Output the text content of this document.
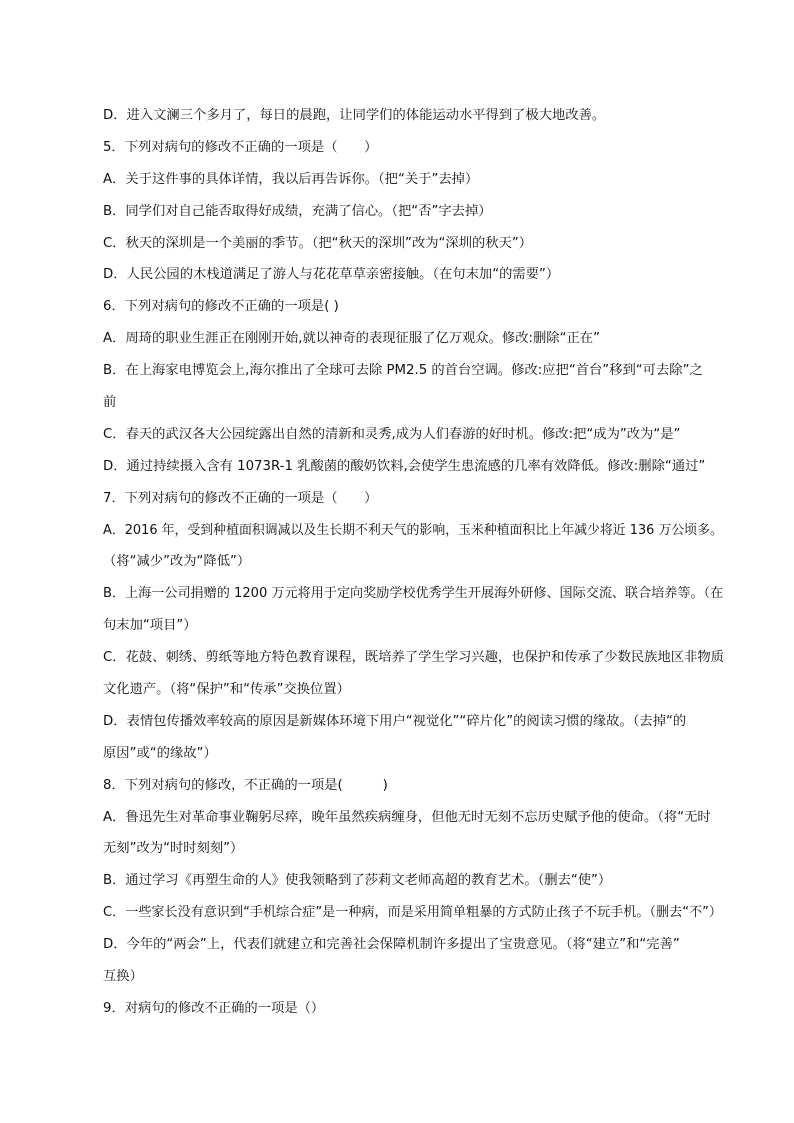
D．进入文澜三个多月了，每日的晨跑，让同学们的体能运动水平得到了极大地改善。
5．下列对病句的修改不正确的一项是（　　）
A．关于这件事的具体详情，我以后再告诉你。（把“关于”去掉）
B．同学们对自己能否取得好成绩，充满了信心。（把“否”字去掉）
C．秋天的深圳是一个美丽的季节。（把“秋天的深圳”改为“深圳的秋天”）
D．人民公园的木栈道满足了游人与花花草草亲密接触。（在句末加“的需要”）
6．下列对病句的修改不正确的一项是( )
A．周琦的职业生涯正在刚刚开始,就以神奇的表现征服了亿万观众。修改:删除“正在”
B．在上海家电博览会上,海尔推出了全球可去除 PM2.5 的首台空调。修改:应把“首台”移到“可去除”之
前
C．春天的武汉各大公园绽露出自然的清新和灵秀,成为人们春游的好时机。修改:把“成为”改为“是”
D．通过持续摄入含有 1073R-1 乳酸菌的酸奶饮料,会使学生患流感的几率有效降低。修改:删除“通过”
7．下列对病句的修改不正确的一项是（　　）
A．2016 年，受到种植面积调减以及生长期不利天气的影响，玉米种植面积比上年减少将近 136 万公顷多。
（将“减少”改为“降低”）
B．上海一公司捐赠的 1200 万元将用于定向奖励学校优秀学生开展海外研修、国际交流、联合培养等。（在
句末加“项目”）
C．花鼓、刺绣、剪纸等地方特色教育课程，既培养了学生学习兴趣，也保护和传承了少数民族地区非物质
文化遗产。（将“保护”和“传承”交换位置）
D．表情包传播效率较高的原因是新媒体环境下用户“视觉化”“碎片化”的阅读习惯的缘故。（去掉“的
原因”或“的缘故”）
8．下列对病句的修改，不正确的一项是(　　　)
A．鲁迅先生对革命事业鞠躬尽瘁，晚年虽然疾病缠身，但他无时无刻不忘历史赋予他的使命。（将“无时
无刻”改为“时时刻刻”）
B．通过学习《再塑生命的人》使我领略到了莎莉文老师高超的教育艺术。（删去“使”）
C．一些家长没有意识到“手机综合症”是一种病，而是采用简单粗暴的方式防止孩子不玩手机。（删去“不”）
D．今年的“两会”上，代表们就建立和完善社会保障机制许多提出了宝贵意见。（将“建立”和“完善”
互换）
9．对病句的修改不正确的一项是（）
